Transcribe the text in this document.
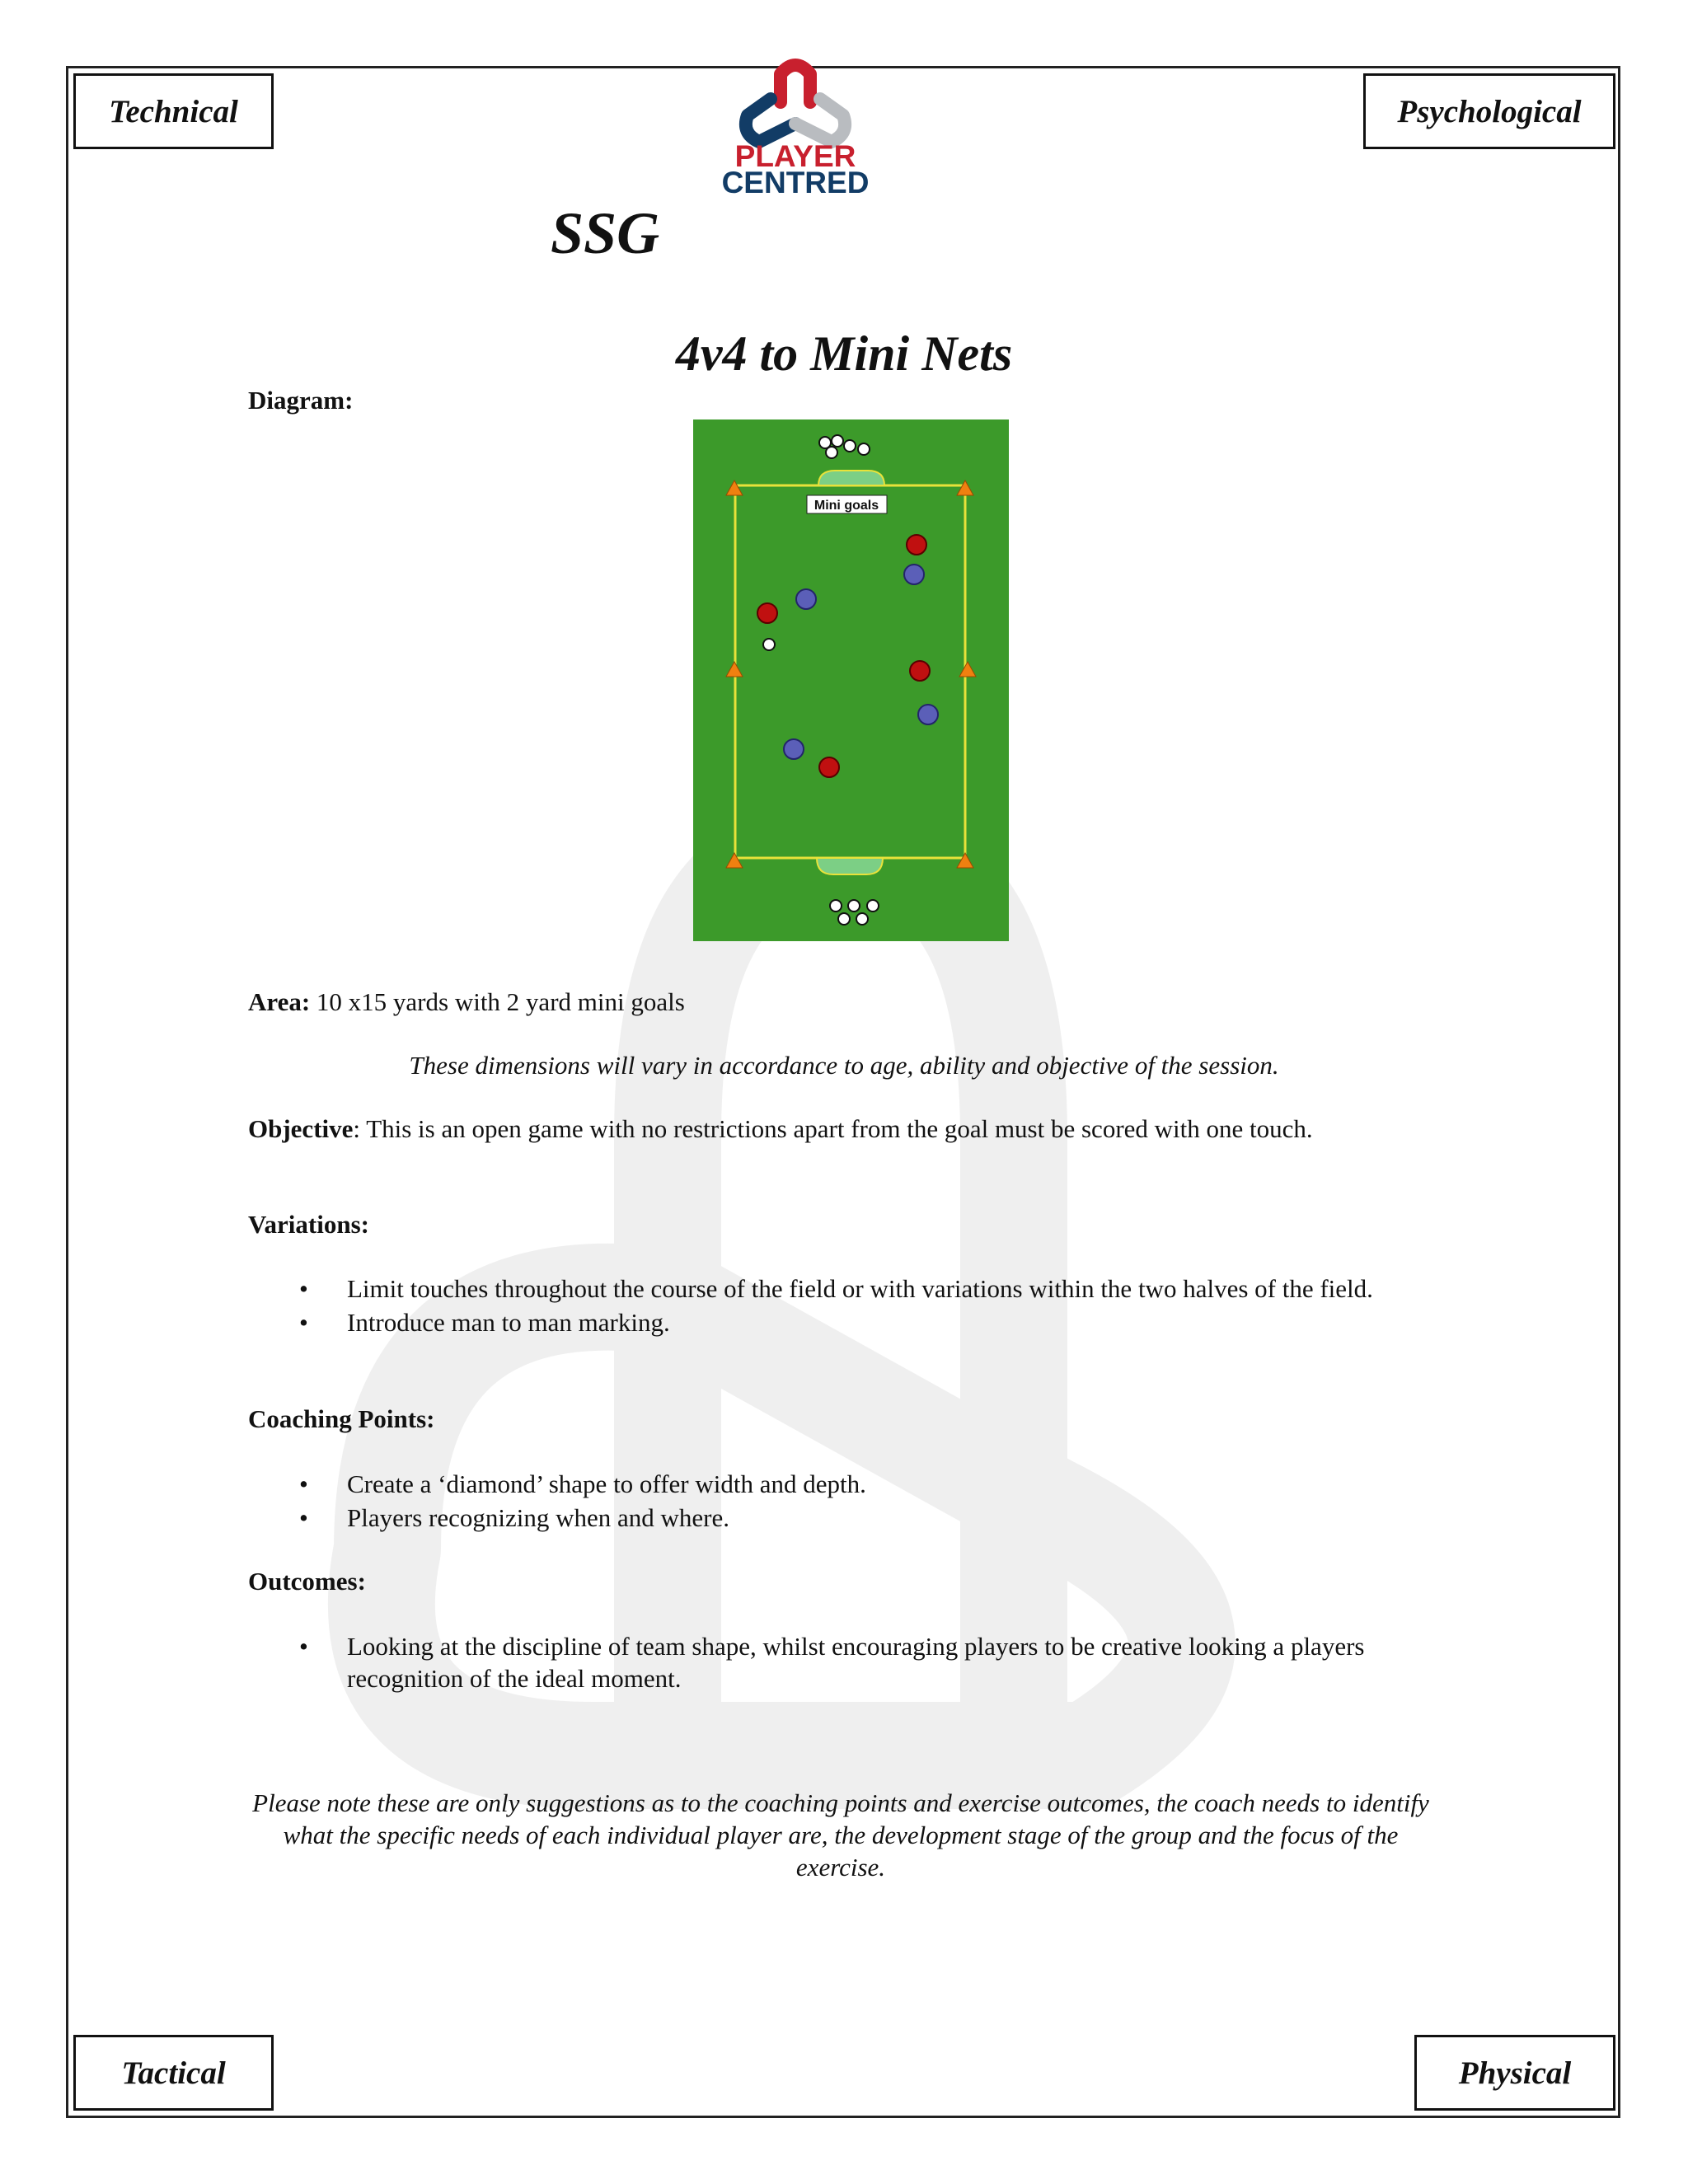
Technical	Psychological
Tactical	Physical
PLAYER
CENTRED
SSG
4v4 to Mini Nets
Diagram:
Mini goals
Area: 10 x15 yards with 2 yard mini goals
These dimensions will vary in accordance to age, ability and objective of the session.
Objective: This is an open game with no restrictions apart from the goal must be scored with one touch.
Variations:
• Limit touches throughout the course of the field or with variations within the two halves of the field.
• Introduce man to man marking.
Coaching Points:
• Create a ‘diamond’ shape to offer width and depth.
• Players recognizing when and where.
Outcomes:
• Looking at the discipline of team shape, whilst encouraging players to be creative looking a players recognition of the ideal moment.
Please note these are only suggestions as to the coaching points and exercise outcomes, the coach needs to identify what the specific needs of each individual player are, the development stage of the group and the focus of the exercise.
